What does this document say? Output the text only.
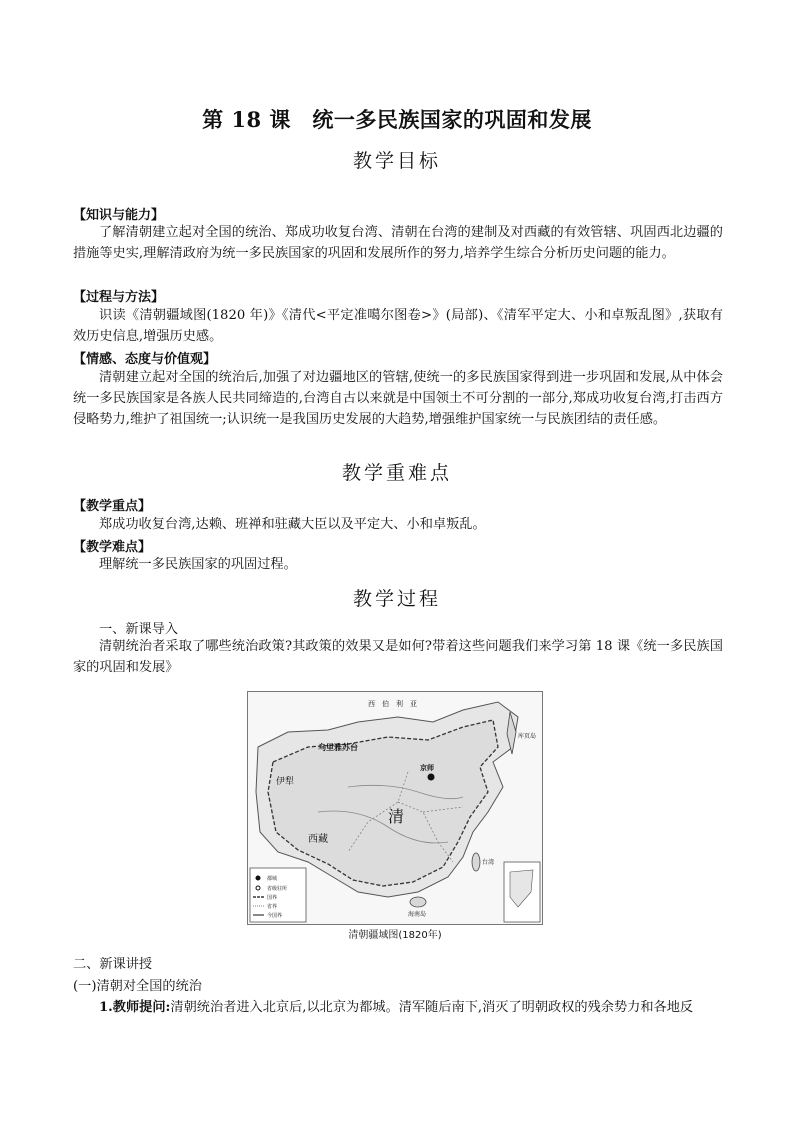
第 18 课　统一多民族国家的巩固和发展
教学目标
【知识与能力】

了解清朝建立起对全国的统治、郑成功收复台湾、清朝在台湾的建制及对西藏的有效管辖、巩固西北边疆的措施等史实,理解清政府为统一多民族国家的巩固和发展所作的努力,培养学生综合分析历史问题的能力。

【过程与方法】

识读《清朝疆域图(1820 年)》《清代<平定准噶尔图卷>》(局部)、《清军平定大、小和卓叛乱图》,获取有效历史信息,增强历史感。

【情感、态度与价值观】

清朝建立起对全国的统治后,加强了对边疆地区的管辖,使统一的多民族国家得到进一步巩固和发展,从中体会统一多民族国家是各族人民共同缔造的,台湾自古以来就是中国领土不可分割的一部分,郑成功收复台湾,打击西方侵略势力,维护了祖国统一;认识统一是我国历史发展的大趋势,增强维护国家统一与民族团结的责任感。

教学重难点
【教学重点】

郑成功收复台湾,达赖、班禅和驻藏大臣以及平定大、小和卓叛乱。

【教学难点】

理解统一多民族国家的巩固过程。

教学过程
一、新课导入

清朝统治者采取了哪些统治政策?其政策的效果又是如何?带着这些问题我们来学习第 18 课《统一多民族国家的巩固和发展》

西　伯　利　亚
乌里雅苏台
伊犁
京师
西藏
清
台湾
海南岛
库页岛
都城
省级驻所
国界
省界
今国界
清朝疆域图(1820年)
二、新课讲授
(一)清朝对全国的统治
1.教师提问:清朝统治者进入北京后,以北京为都城。清军随后南下,消灭了明朝政权的残余势力和各地反
